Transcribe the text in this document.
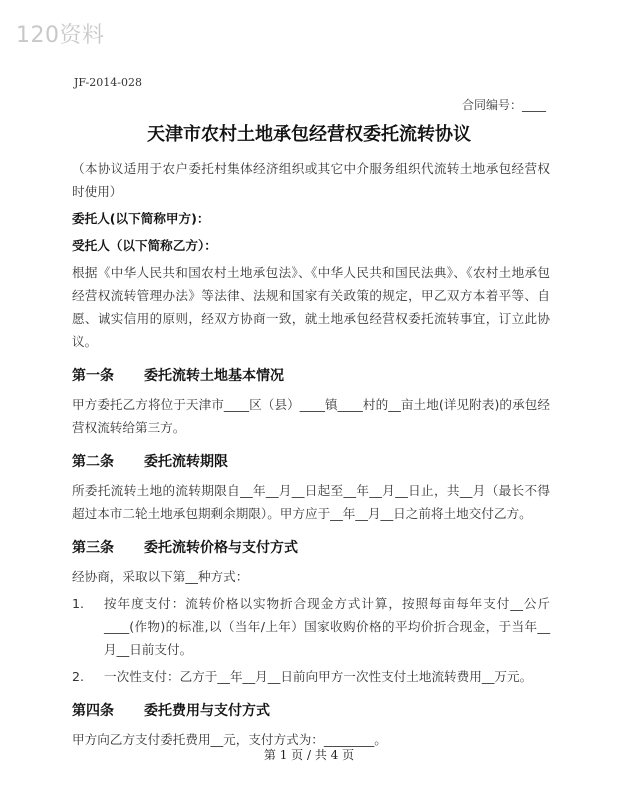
120资料
JF-2014-028
合同编号：____
天津市农村土地承包经营权委托流转协议

（本协议适用于农户委托村集体经济组织或其它中介服务组织代流转土地承包经营权时使用）

委托人(以下简称甲方)：

受托人（以下简称乙方）：

根据《中华人民共和国农村土地承包法》、《中华人民共和国民法典》、《农村土地承包经营权流转管理办法》等法律、法规和国家有关政策的规定，甲乙双方本着平等、自愿、诚实信用的原则，经双方协商一致，就土地承包经营权委托流转事宜，订立此协议。

第一条	委托流转土地基本情况

甲方委托乙方将位于天津市____区（县）____镇____村的__亩土地(详见附表)的承包经营权流转给第三方。

第二条	委托流转期限

所委托流转土地的流转期限自__年__月__日起至__年__月__日止，共__月（最长不得超过本市二轮土地承包期剩余期限）。甲方应于__年__月__日之前将土地交付乙方。

第三条	委托流转价格与支付方式

经协商，采取以下第__种方式：

1.	按年度支付：流转价格以实物折合现金方式计算，按照每亩每年支付__公斤____(作物)的标准,以（当年/上年）国家收购价格的平均价折合现金，于当年__月__日前支付。
2.	一次性支付：乙方于__年__月__日前向甲方一次性支付土地流转费用__万元。
第四条	委托费用与支付方式

甲方向乙方支付委托费用__元，支付方式为：________。

第 1 页 / 共 4 页
